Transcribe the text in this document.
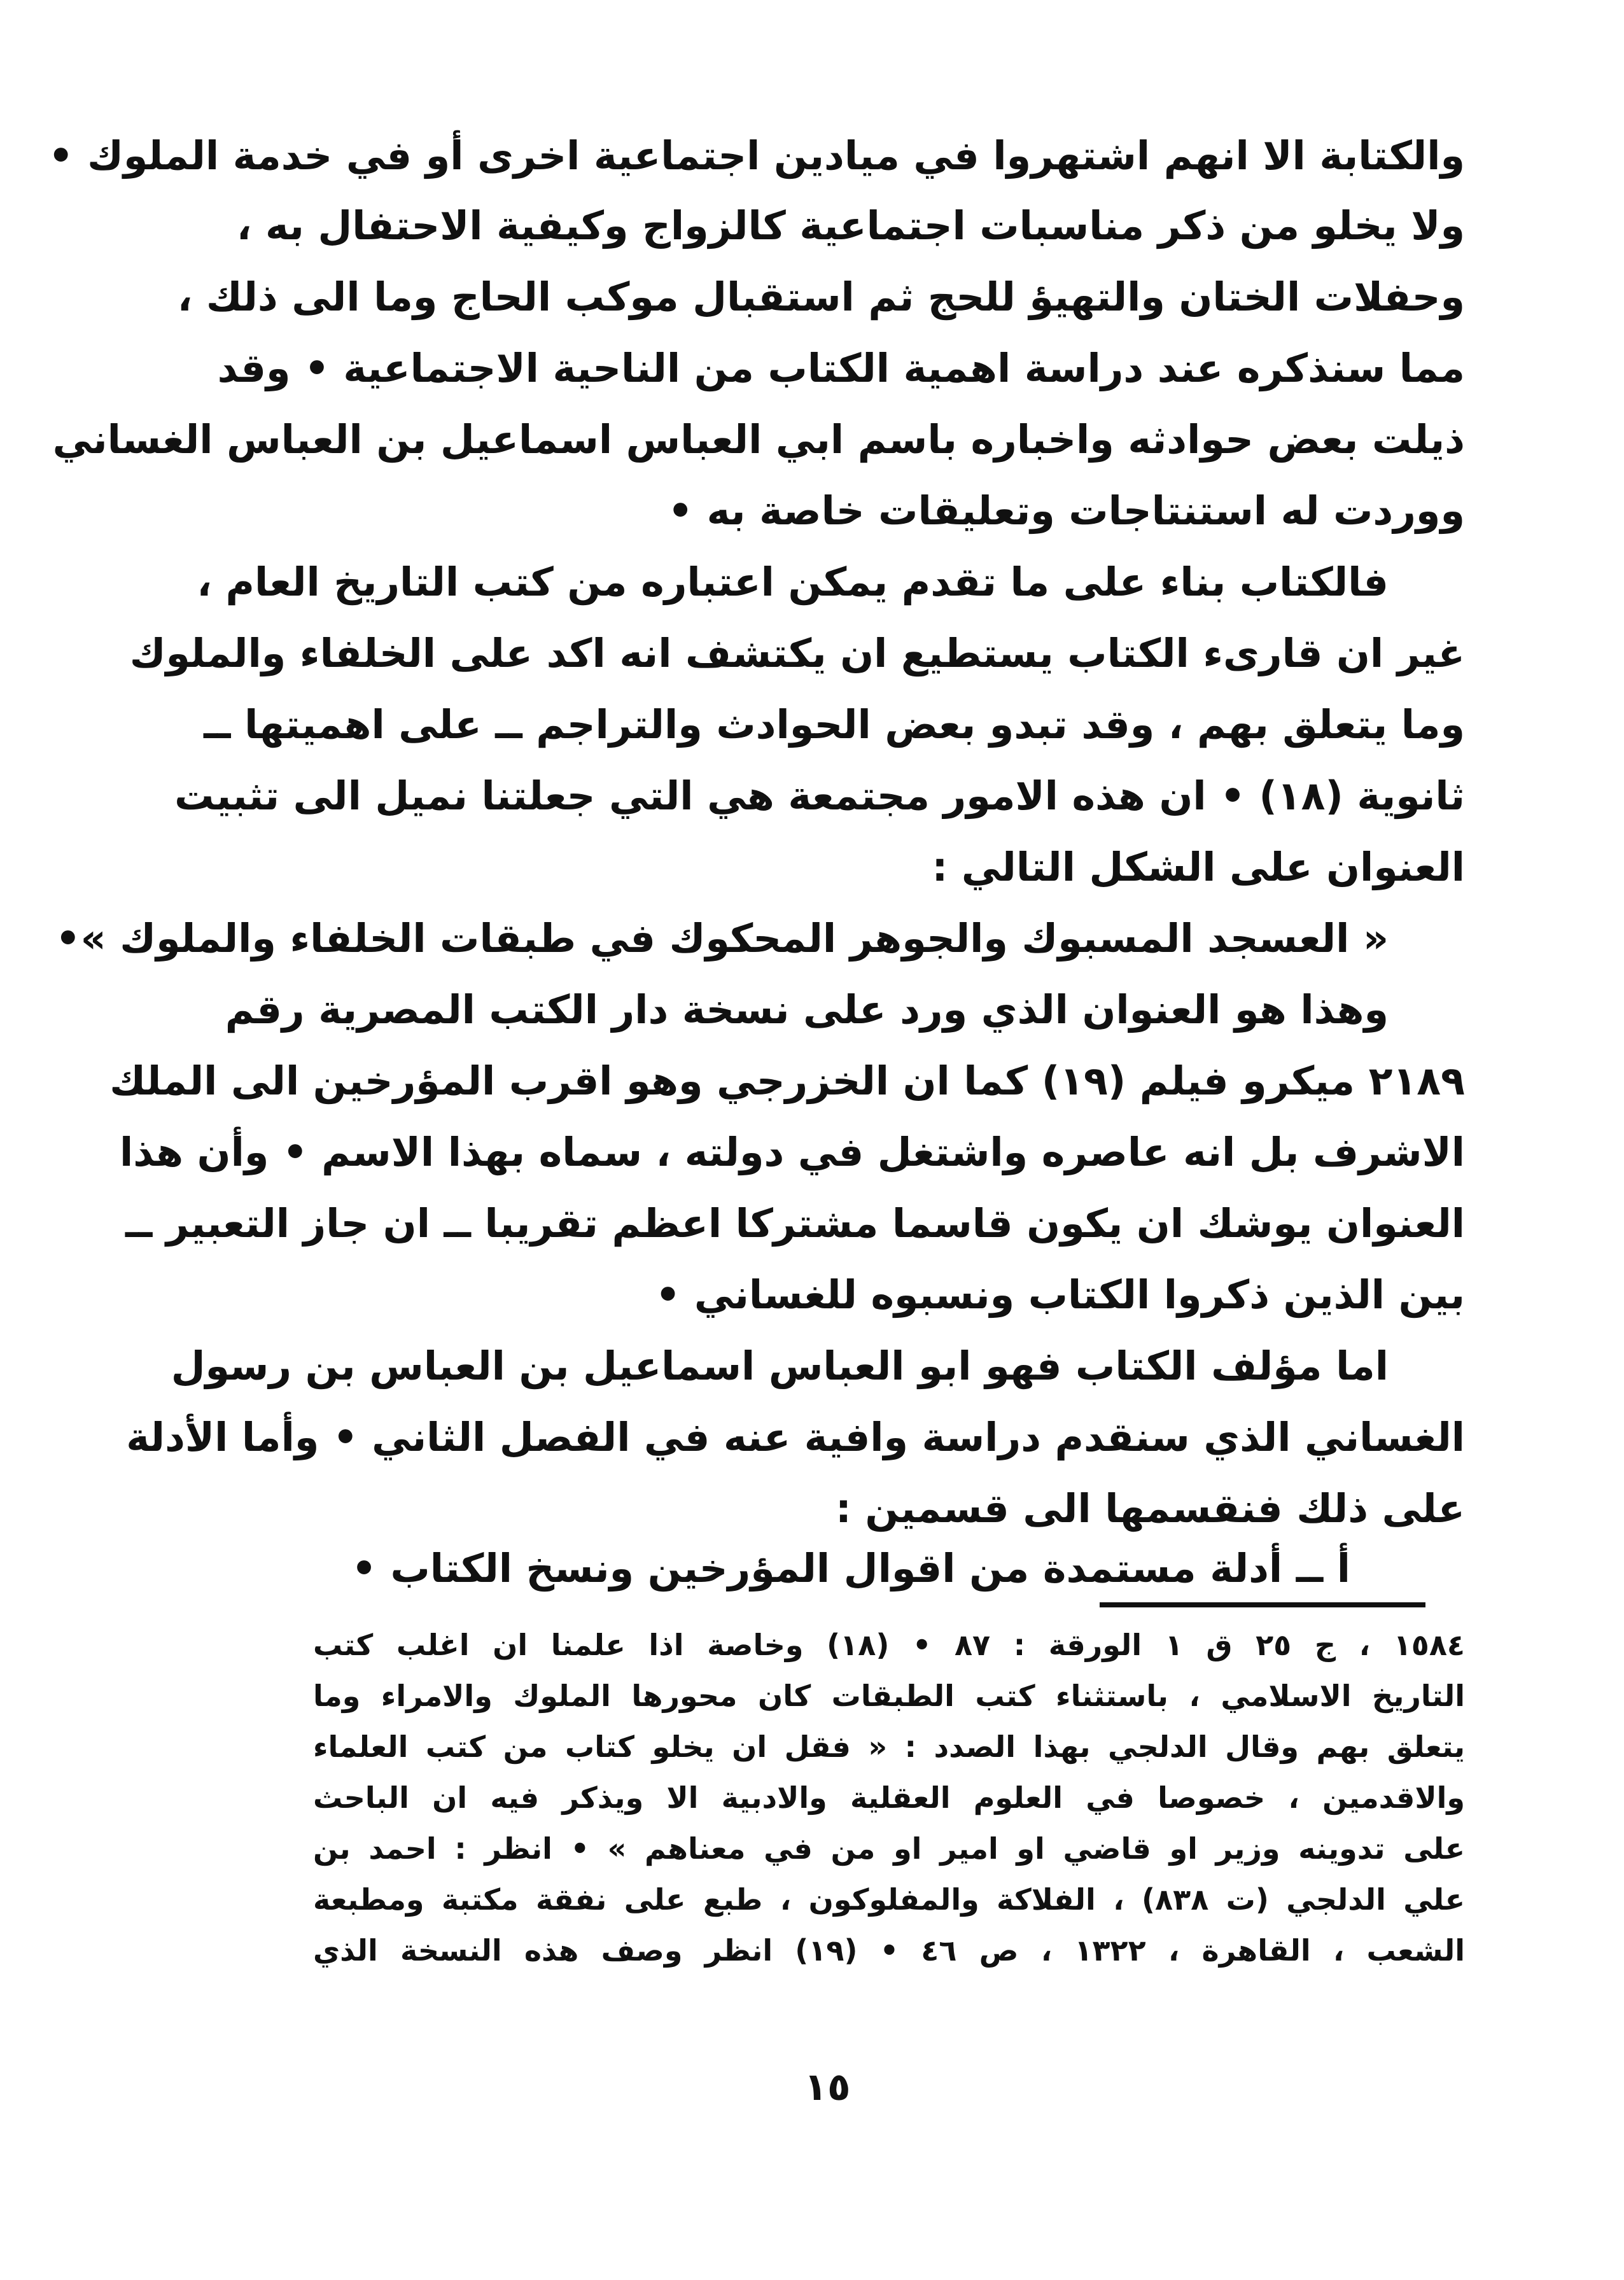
والكتابة الا انهم اشتهروا في ميادين اجتماعية اخرى أو في خدمة الملوك •
ولا يخلو من ذكر مناسبات اجتماعية كالزواج وكيفية الاحتفال به ،
وحفلات الختان والتهيؤ للحج ثم استقبال موكب الحاج وما الى ذلك ،
مما سنذكره عند دراسة اهمية الكتاب من الناحية الاجتماعية • وقد
ذيلت بعض حوادثه واخباره باسم ابي العباس اسماعيل بن العباس الغساني
ووردت له استنتاجات وتعليقات خاصة به •
فالكتاب بناء على ما تقدم يمكن اعتباره من كتب التاريخ العام ،
غير ان قارىء الكتاب يستطيع ان يكتشف انه اكد على الخلفاء والملوك
وما يتعلق بهم ، وقد تبدو بعض الحوادث والتراجم ــ على اهميتها ــ
ثانوية (١٨) • ان هذه الامور مجتمعة هي التي جعلتنا نميل الى تثبيت
العنوان على الشكل التالي :
« العسجد المسبوك والجوهر المحكوك في طبقات الخلفاء والملوك »•
وهذا هو العنوان الذي ورد على نسخة دار الكتب المصرية رقم
٢١٨٩ ميكرو فيلم (١٩) كما ان الخزرجي وهو اقرب المؤرخين الى الملك
الاشرف بل انه عاصره واشتغل في دولته ، سماه بهذا الاسم • وأن هذا
العنوان يوشك ان يكون قاسما مشتركا اعظم تقريبا ــ ان جاز التعبير ــ
بين الذين ذكروا الكتاب ونسبوه للغساني •
اما مؤلف الكتاب فهو ابو العباس اسماعيل بن العباس بن رسول
الغساني الذي سنقدم دراسة وافية عنه في الفصل الثاني • وأما الأدلة
على ذلك فنقسمها الى قسمين :
أ ــ أدلة مستمدة من اقوال المؤرخين ونسخ الكتاب •
١٥٨٤ ، ج ٢٥ ق ١ الورقة : ٨٧ • (١٨) وخاصة اذا علمنا ان اغلب كتب
التاريخ الاسلامي ، باستثناء كتب الطبقات كان محورها الملوك والامراء وما
يتعلق بهم وقال الدلجي بهذا الصدد : « فقل ان يخلو كتاب من كتب العلماء
والاقدمين ، خصوصا في العلوم العقلية والادبية الا ويذكر فيه ان الباحث
على تدوينه وزير او قاضي او امير او من في معناهم » • انظر : احمد بن
علي الدلجي (ت ٨٣٨) ، الفلاكة والمفلوكون ، طبع على نفقة مكتبة ومطبعة
الشعب ، القاهرة ، ١٣٢٢ ، ص ٤٦ • (١٩) انظر وصف هذه النسخة الذي
١٥
